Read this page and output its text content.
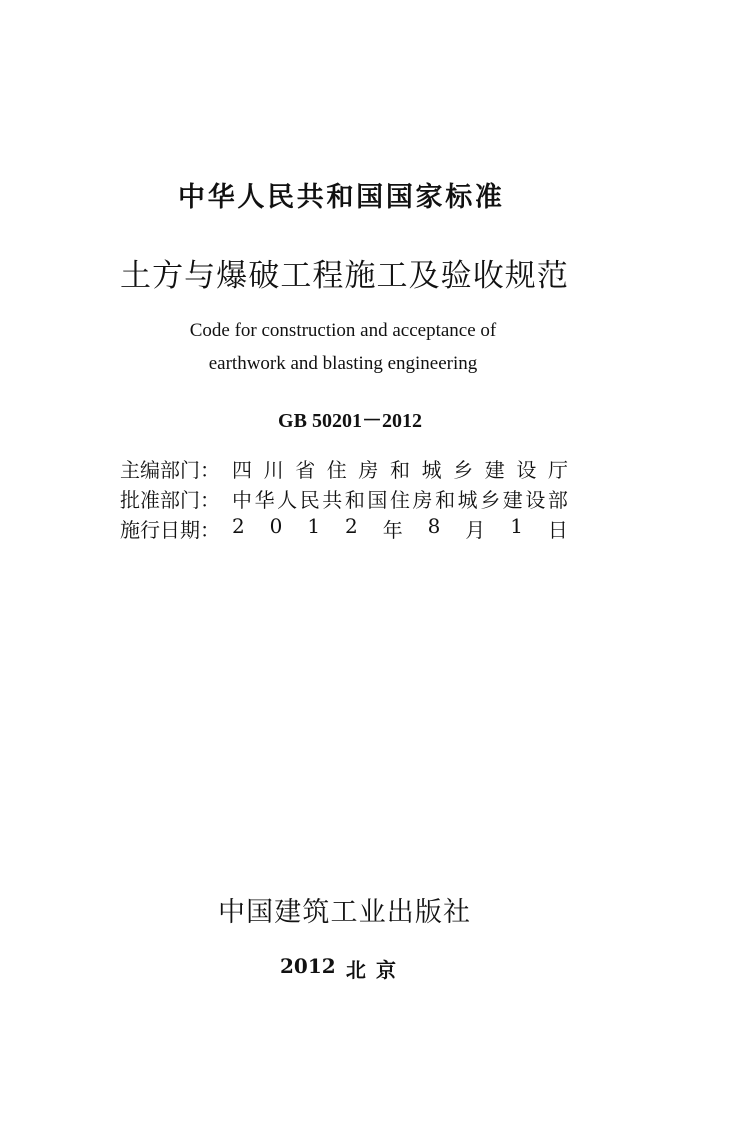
中 华 人 民 共 和 国 国 家 标 准
土 方 与 爆 破 工 程 施 工 及 验 收 规 范
Code for construction and acceptance of
earthwork and blasting engineering
GB 50201－2012
主编部门： 四 川 省 住 房 和 城 乡 建 设 厅
批准部门： 中 华 人 民 共 和 国 住 房 和 城 乡 建 设 部
施行日期： 2 0 1 2 年 8 月 1 日
中 国 建 筑 工 业 出 版 社
2012 北 京
